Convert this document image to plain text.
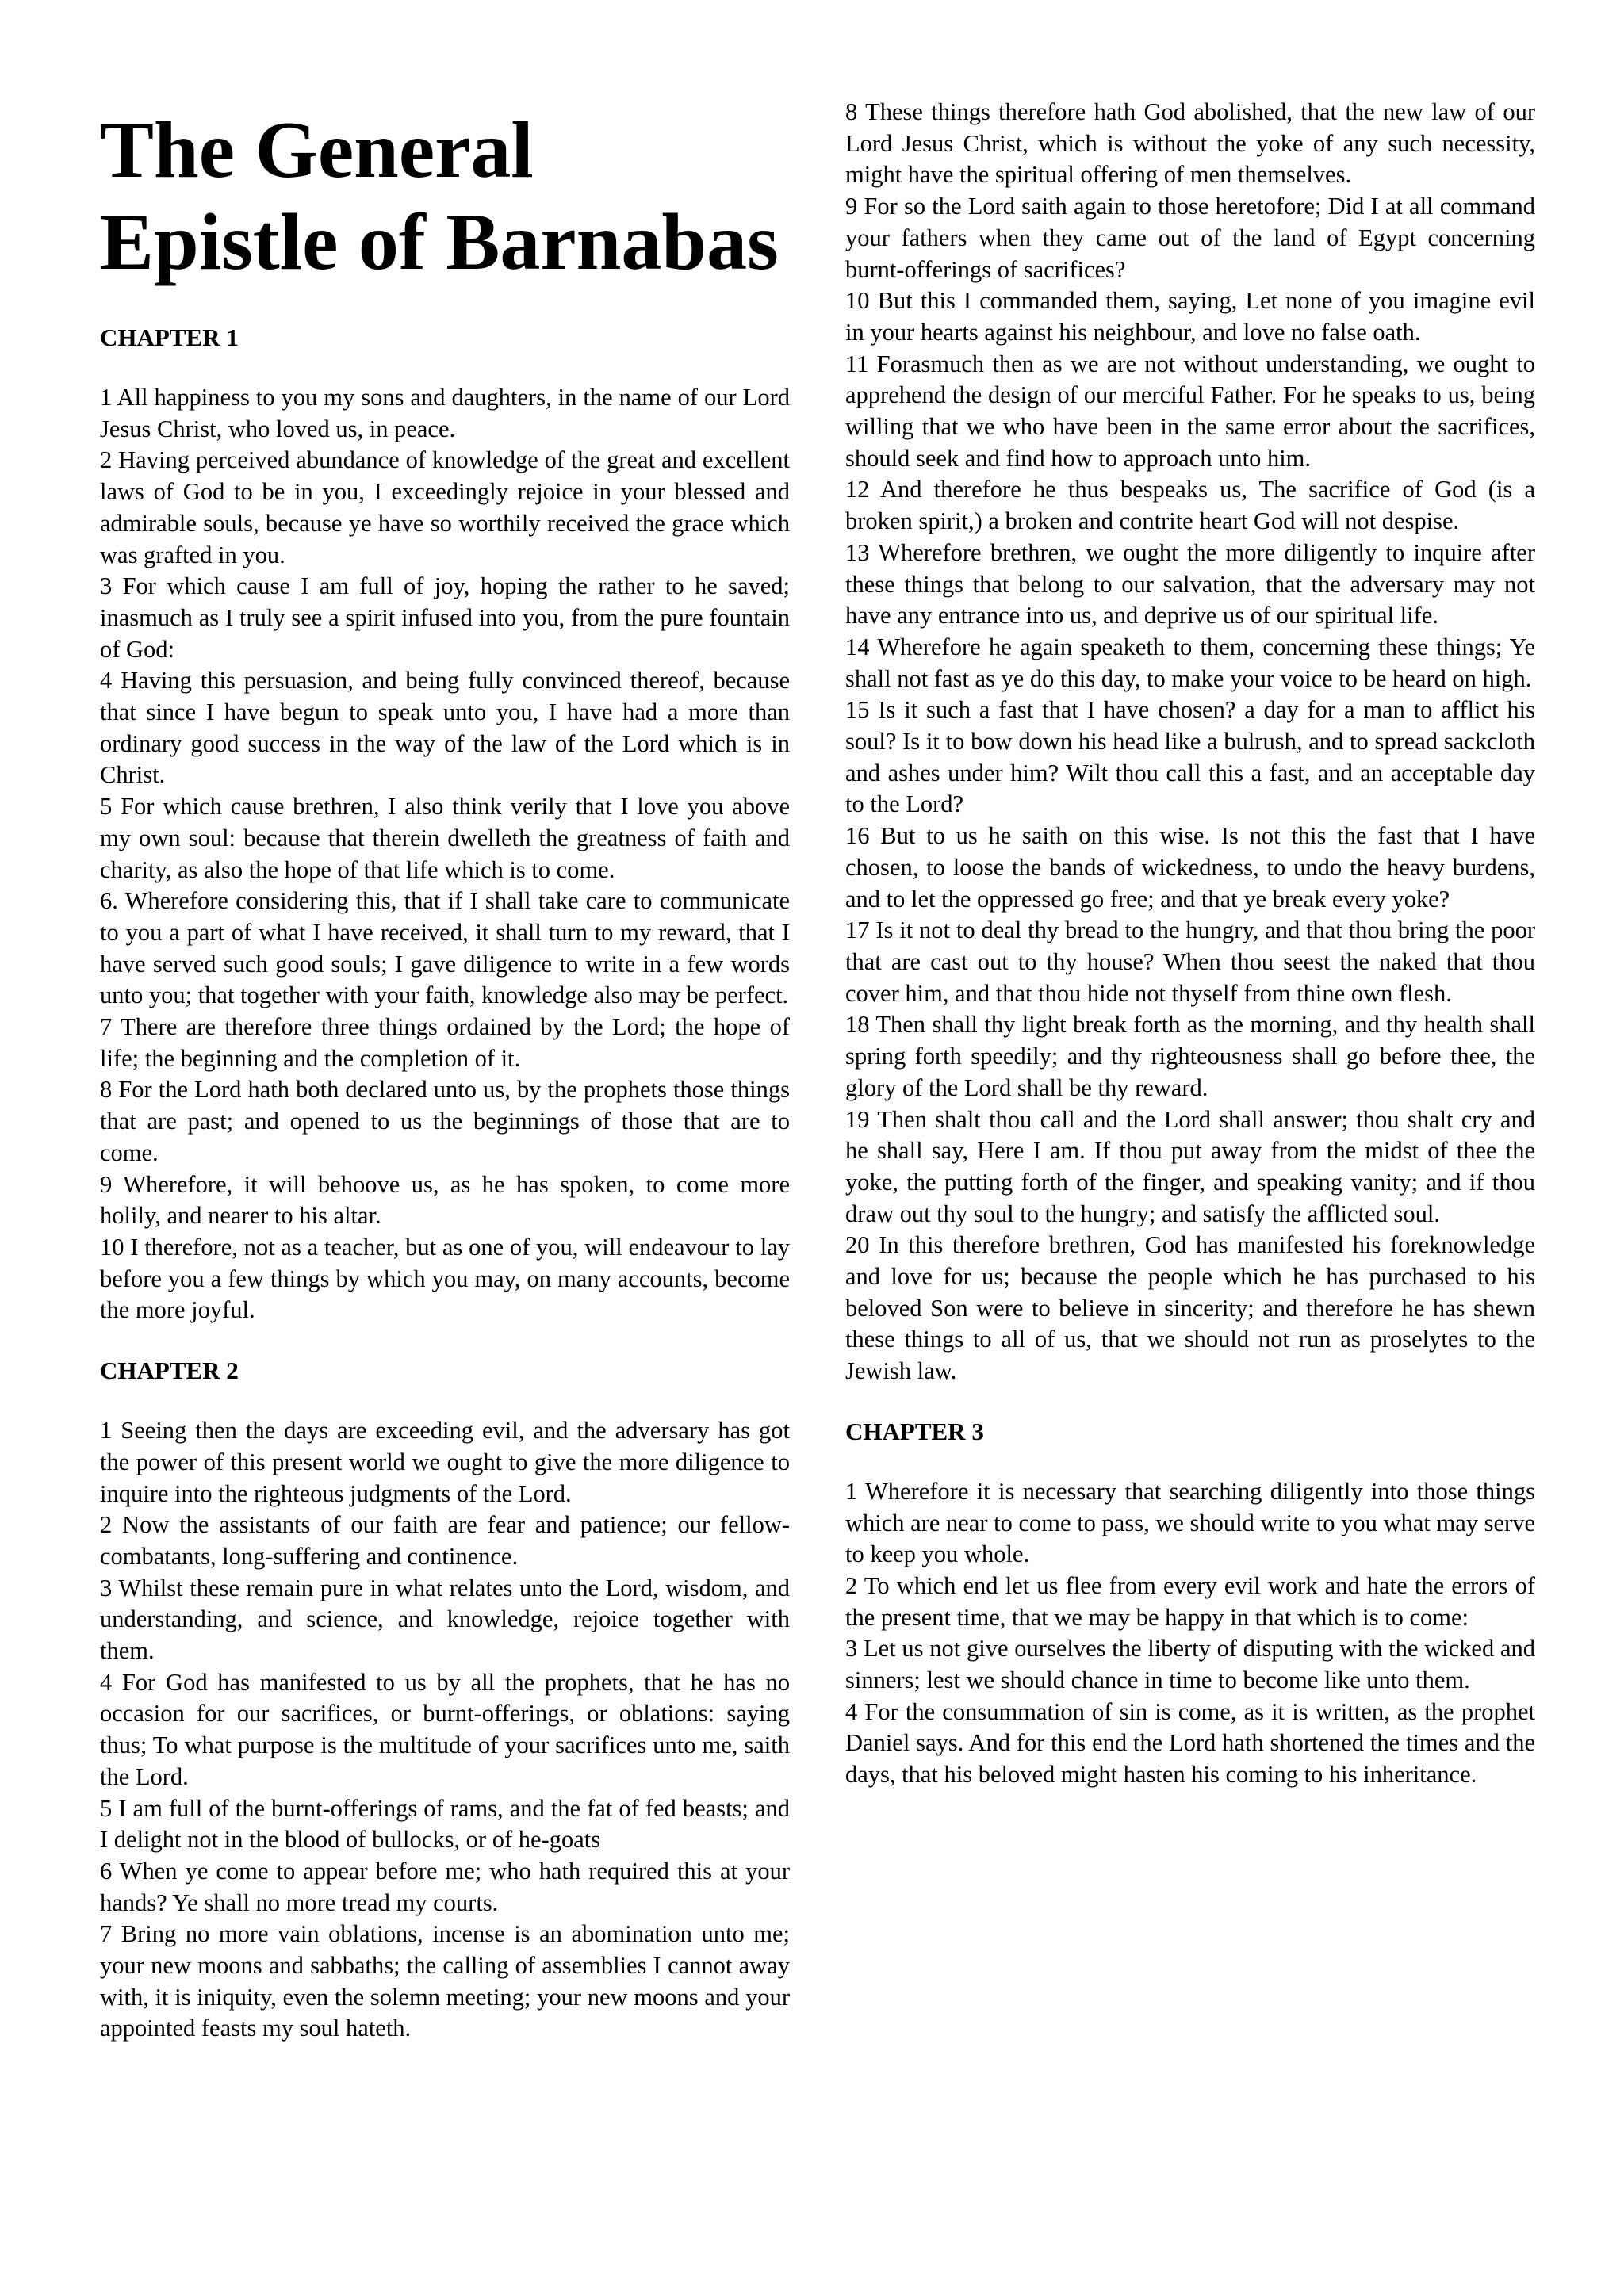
The General Epistle of Barnabas
CHAPTER 1

1 All happiness to you my sons and daughters, in the name of our Lord Jesus Christ, who loved us, in peace.

2 Having perceived abundance of knowledge of the great and excellent laws of God to be in you, I exceedingly rejoice in your blessed and admirable souls, because ye have so worthily received the grace which was grafted in you.

3 For which cause I am full of joy, hoping the rather to he saved; inasmuch as I truly see a spirit infused into you, from the pure fountain of God:

4 Having this persuasion, and being fully convinced thereof, because that since I have begun to speak unto you, I have had a more than ordinary good success in the way of the law of the Lord which is in Christ.

5 For which cause brethren, I also think verily that I love you above my own soul: because that therein dwelleth the greatness of faith and charity, as also the hope of that life which is to come.

6. Wherefore considering this, that if I shall take care to communicate to you a part of what I have received, it shall turn to my reward, that I have served such good souls; I gave diligence to write in a few words unto you; that together with your faith, knowledge also may be perfect.

7 There are therefore three things ordained by the Lord; the hope of life; the beginning and the completion of it.

8 For the Lord hath both declared unto us, by the prophets those things that are past; and opened to us the beginnings of those that are to come.

9 Wherefore, it will behoove us, as he has spoken, to come more holily, and nearer to his altar.

10 I therefore, not as a teacher, but as one of you, will endeavour to lay before you a few things by which you may, on many accounts, become the more joyful.

CHAPTER 2

1 Seeing then the days are exceeding evil, and the adversary has got the power of this present world we ought to give the more diligence to inquire into the righteous judgments of the Lord.

2 Now the assistants of our faith are fear and patience; our fellow-combatants, long-suffering and continence.

3 Whilst these remain pure in what relates unto the Lord, wisdom, and understanding, and science, and knowledge, rejoice together with them.

4 For God has manifested to us by all the prophets, that he has no occasion for our sacrifices, or burnt-offerings, or oblations: saying thus; To what purpose is the multitude of your sacrifices unto me, saith the Lord.

5 I am full of the burnt-offerings of rams, and the fat of fed beasts; and I delight not in the blood of bullocks, or of he-goats

6 When ye come to appear before me; who hath required this at your hands? Ye shall no more tread my courts.

7 Bring no more vain oblations, incense is an abomination unto me; your new moons and sabbaths; the calling of assemblies I cannot away with, it is iniquity, even the solemn meeting; your new moons and your appointed feasts my soul hateth.

8 These things therefore hath God abolished, that the new law of our Lord Jesus Christ, which is without the yoke of any such necessity, might have the spiritual offering of men themselves.

9 For so the Lord saith again to those heretofore; Did I at all command your fathers when they came out of the land of Egypt concerning burnt-offerings of sacrifices?

10 But this I commanded them, saying, Let none of you imagine evil in your hearts against his neighbour, and love no false oath.

11 Forasmuch then as we are not without understanding, we ought to apprehend the design of our merciful Father. For he speaks to us, being willing that we who have been in the same error about the sacrifices, should seek and find how to approach unto him.

12 And therefore he thus bespeaks us, The sacrifice of God (is a broken spirit,) a broken and contrite heart God will not despise.

13 Wherefore brethren, we ought the more diligently to inquire after these things that belong to our salvation, that the adversary may not have any entrance into us, and deprive us of our spiritual life.

14 Wherefore he again speaketh to them, concerning these things; Ye shall not fast as ye do this day, to make your voice to be heard on high.

15 Is it such a fast that I have chosen? a day for a man to afflict his soul? Is it to bow down his head like a bulrush, and to spread sackcloth and ashes under him? Wilt thou call this a fast, and an acceptable day to the Lord?

16 But to us he saith on this wise. Is not this the fast that I have chosen, to loose the bands of wickedness, to undo the heavy burdens, and to let the oppressed go free; and that ye break every yoke?

17 Is it not to deal thy bread to the hungry, and that thou bring the poor that are cast out to thy house? When thou seest the naked that thou cover him, and that thou hide not thyself from thine own flesh.

18 Then shall thy light break forth as the morning, and thy health shall spring forth speedily; and thy righteousness shall go before thee, the glory of the Lord shall be thy reward.

19 Then shalt thou call and the Lord shall answer; thou shalt cry and he shall say, Here I am. If thou put away from the midst of thee the yoke, the putting forth of the finger, and speaking vanity; and if thou draw out thy soul to the hungry; and satisfy the afflicted soul.

20 In this therefore brethren, God has manifested his foreknowledge and love for us; because the people which he has purchased to his beloved Son were to believe in sincerity; and therefore he has shewn these things to all of us, that we should not run as proselytes to the Jewish law.

CHAPTER 3

1 Wherefore it is necessary that searching diligently into those things which are near to come to pass, we should write to you what may serve to keep you whole.

2 To which end let us flee from every evil work and hate the errors of the present time, that we may be happy in that which is to come:

3 Let us not give ourselves the liberty of disputing with the wicked and sinners; lest we should chance in time to become like unto them.

4 For the consummation of sin is come, as it is written, as the prophet Daniel says. And for this end the Lord hath shortened the times and the days, that his beloved might hasten his coming to his inheritance.
